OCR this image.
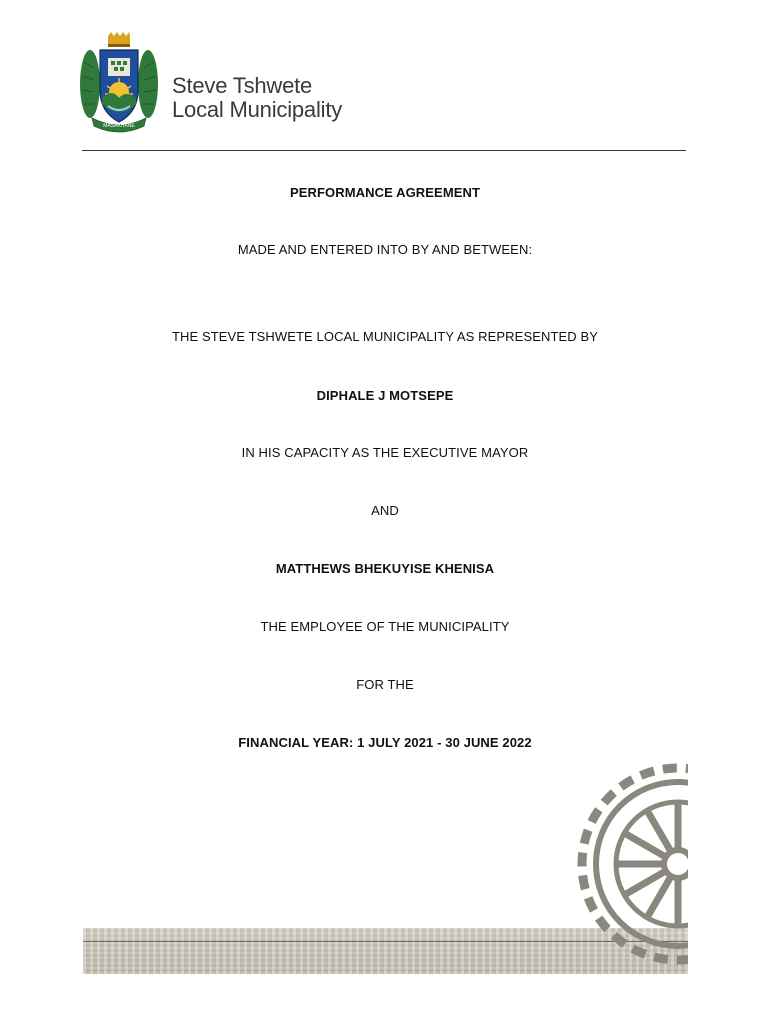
MASAKHANE
Steve Tshwete
Local Municipality
PERFORMANCE AGREEMENT
MADE AND ENTERED INTO BY AND BETWEEN:
THE STEVE TSHWETE LOCAL MUNICIPALITY AS REPRESENTED BY
DIPHALE J MOTSEPE
IN HIS CAPACITY AS THE EXECUTIVE MAYOR
AND
MATTHEWS BHEKUYISE KHENISA
THE EMPLOYEE OF THE MUNICIPALITY
FOR THE
FINANCIAL YEAR: 1 JULY 2021 - 30 JUNE 2022
